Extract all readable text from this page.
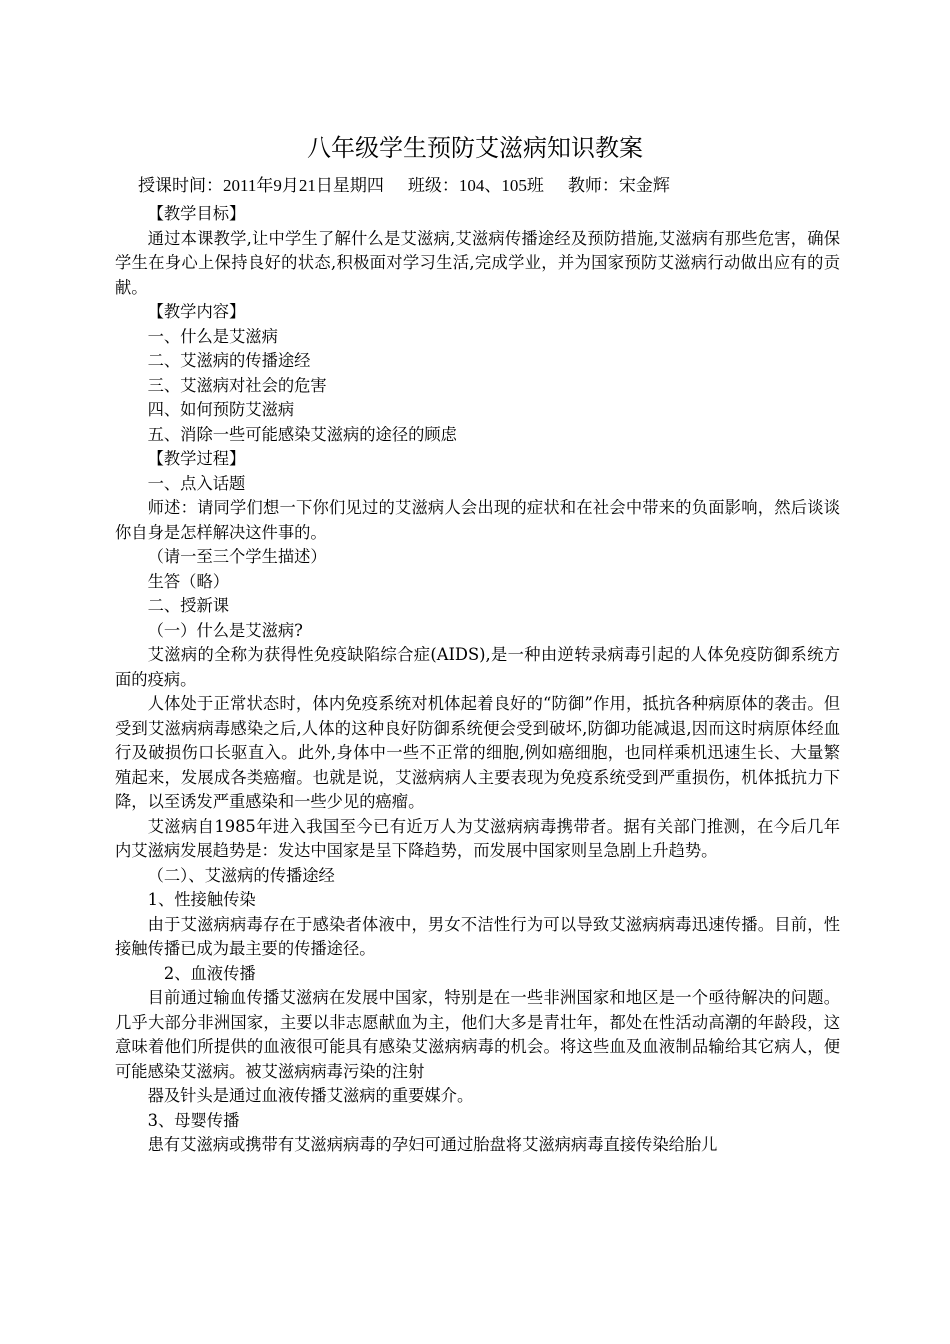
八年级学生预防艾滋病知识教案
授课时间：2011年9月21日星期四 班级：104、105班 教师：宋金辉

【教学目标】

通过本课教学,让中学生了解什么是艾滋病,艾滋病传播途经及预防措施,艾滋病有那些危害，确保学生在身心上保持良好的状态,积极面对学习生活,完成学业，并为国家预防艾滋病行动做出应有的贡献。

【教学内容】

一、什么是艾滋病

二、艾滋病的传播途经

三、艾滋病对社会的危害

四、如何预防艾滋病

五、消除一些可能感染艾滋病的途径的顾虑

【教学过程】

一、点入话题

师述：请同学们想一下你们见过的艾滋病人会出现的症状和在社会中带来的负面影响，然后谈谈你自身是怎样解决这件事的。

（请一至三个学生描述）

生答（略）

二、授新课

（一）什么是艾滋病?

艾滋病的全称为获得性免疫缺陷综合症(AIDS),是一种由逆转录病毒引起的人体免疫防御系统方面的疫病。

人体处于正常状态时，体内免疫系统对机体起着良好的“防御”作用，抵抗各种病原体的袭击。但受到艾滋病病毒感染之后,人体的这种良好防御系统便会受到破坏,防御功能减退,因而这时病原体经血行及破损伤口长驱直入。此外,身体中一些不正常的细胞,例如癌细胞，也同样乘机迅速生长、大量繁殖起来，发展成各类癌瘤。也就是说，艾滋病病人主要表现为免疫系统受到严重损伤，机体抵抗力下降，以至诱发严重感染和一些少见的癌瘤。

艾滋病自1985年进入我国至今已有近万人为艾滋病病毒携带者。据有关部门推测，在今后几年内艾滋病发展趋势是：发达中国家是呈下降趋势，而发展中国家则呈急剧上升趋势。

（二）、艾滋病的传播途经

1、性接触传染

由于艾滋病病毒存在于感染者体液中，男女不洁性行为可以导致艾滋病病毒迅速传播。目前，性接触传播已成为最主要的传播途径。

2、血液传播

目前通过输血传播艾滋病在发展中国家，特别是在一些非洲国家和地区是一个亟待解决的问题。几乎大部分非洲国家，主要以非志愿献血为主，他们大多是青壮年，都处在性活动高潮的年龄段，这意味着他们所提供的血液很可能具有感染艾滋病病毒的机会。将这些血及血液制品输给其它病人，便可能感染艾滋病。被艾滋病病毒污染的注射

器及针头是通过血液传播艾滋病的重要媒介。

3、母婴传播

患有艾滋病或携带有艾滋病病毒的孕妇可通过胎盘将艾滋病病毒直接传染给胎儿
